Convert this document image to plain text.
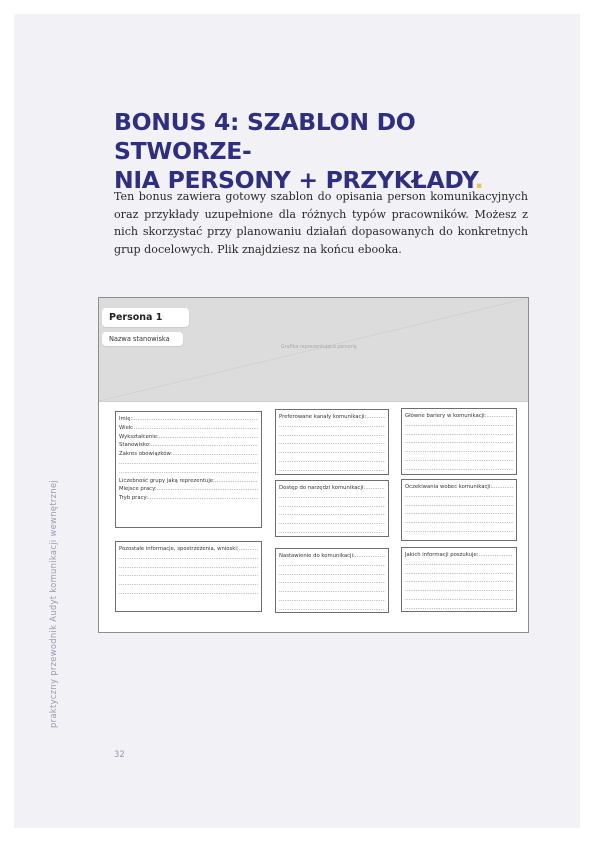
BONUS 4: SZABLON DO STWORZE-
NIA PERSONY + PRZYKŁADY.

Ten bonus zawiera gotowy szablon do opisania person komunikacyjnych oraz przykłady uzupełnione dla różnych typów pracowników. Możesz z nich skorzystać przy planowaniu działań dopasowanych do konkretnych grup docelowych. Plik znajdziesz na końcu ebooka.

Persona 1
Nazwa stanowiska
Grafika reprezentująca personę
Imię: .....
Wiek: .....
Wykształcenie: .....
Stanowisko: .....
Zakres obowiązków: .....
.....
.....
Liczebność grupy jaką reprezentuje: .....
Miejsce pracy: .....
Tryb pracy: .....
Pozostałe informacje, spostrzeżenia, wnioski: .....
.....
.....
.....
.....
.....
Preferowane kanały komunikacji: .....
.....
.....
.....
.....
.....
.....
Dostęp do narzędzi komunikacji: .....
.....
.....
.....
.....
.....
Nastawienie do komunikacji: .....
.....
.....
.....
.....
.....
.....
Główne bariery w komunikacji: .....
.....
.....
.....
.....
.....
.....
Oczekiwania wobec komunikacji: .....
.....
.....
.....
.....
.....
Jakich informacji poszukuje: .....
.....
.....
.....
.....
.....
.....
praktyczny przewodnik Audyt komunikacji wewnętrznej
32
